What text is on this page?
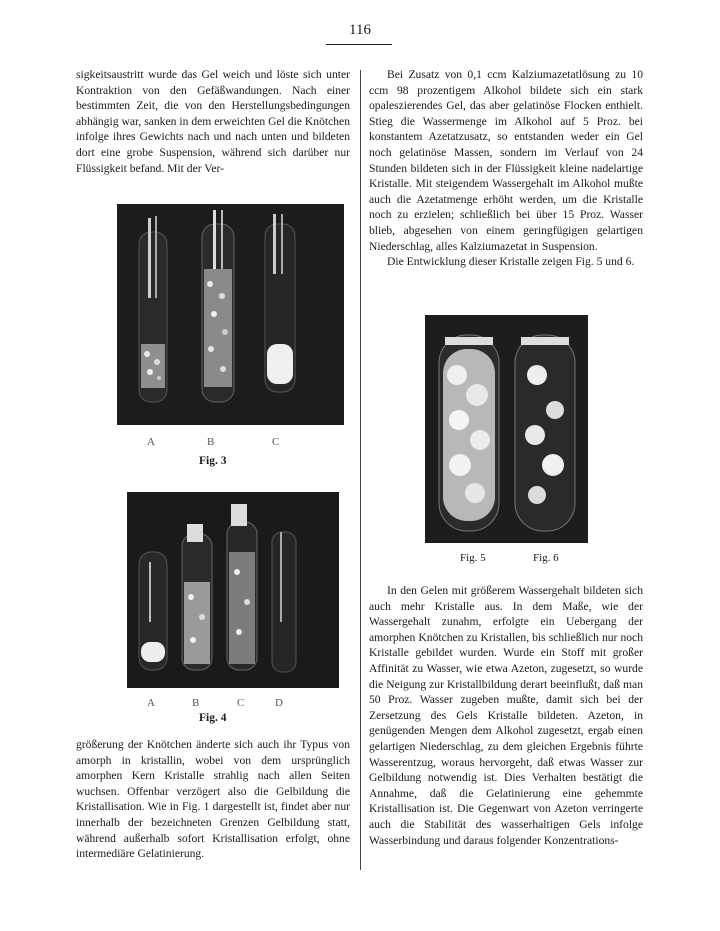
116

sigkeitsaustritt wurde das Gel weich und löste sich unter Kontraktion von den Gefäßwandungen. Nach einer bestimmten Zeit, die von den Herstellungsbedingungen abhängig war, sanken in dem erweichten Gel die Knötchen infolge ihres Gewichts nach und nach unten und bildeten dort eine grobe Suspension, während sich darüber nur Flüssigkeit befand. Mit der Ver-

A	B	C
Fig. 3
A	B	C	D
Fig. 4

größerung der Knötchen änderte sich auch ihr Typus von amorph in kristallin, wobei von dem ursprünglich amorphen Kern Kristalle strahlig nach allen Seiten wuchsen. Offenbar verzögert also die Gelbildung die Kristallisation. Wie in Fig. 1 dargestellt ist, findet aber nur innerhalb der bezeichneten Grenzen Gelbildung statt, während außerhalb sofort Kristallisation erfolgt, ohne intermediäre Gelatinierung.

Bei Zusatz von 0,1 ccm Kalziumazetatlösung zu 10 ccm 98 prozentigem Alkohol bildete sich ein stark opaleszierendes Gel, das aber gelatinöse Flocken enthielt. Stieg die Wassermenge im Alkohol auf 5 Proz. bei konstantem Azetatzusatz, so entstanden weder ein Gel noch gelatinöse Massen, sondern im Verlauf von 24 Stunden bildeten sich in der Flüssigkeit kleine nadelartige Kristalle. Mit steigendem Wassergehalt im Alkohol mußte auch die Azetatmenge erhöht werden, um die Kristalle noch zu erzielen; schließlich bei über 15 Proz. Wasser blieb, abgesehen von einem geringfügigen gelartigen Niederschlag, alles Kalziumazetat in Suspension.

Die Entwicklung dieser Kristalle zeigen Fig. 5 und 6.

Fig. 5	Fig. 6

In den Gelen mit größerem Wassergehalt bildeten sich auch mehr Kristalle aus. In dem Maße, wie der Wassergehalt zunahm, erfolgte ein Uebergang der amorphen Knötchen zu Kristallen, bis schließlich nur noch Kristalle gebildet wurden. Wurde ein Stoff mit großer Affinität zu Wasser, wie etwa Azeton, zugesetzt, so wurde die Neigung zur Kristallbildung derart beeinflußt, daß man 50 Proz. Wasser zugeben mußte, damit sich bei der Zersetzung des Gels Kristalle bildeten. Azeton, in genügenden Mengen dem Alkohol zugesetzt, ergab einen gelartigen Niederschlag, zu dem gleichen Ergebnis führte Wasserentzug, woraus hervorgeht, daß etwas Wasser zur Gelbildung notwendig ist. Dies Verhalten bestätigt die Annahme, daß die Gelatinierung eine gehemmte Kristallisation ist. Die Gegenwart von Azeton verringerte auch die Stabilität des wasserhaltigen Gels infolge Wasserbindung und daraus folgender Konzentrations-
